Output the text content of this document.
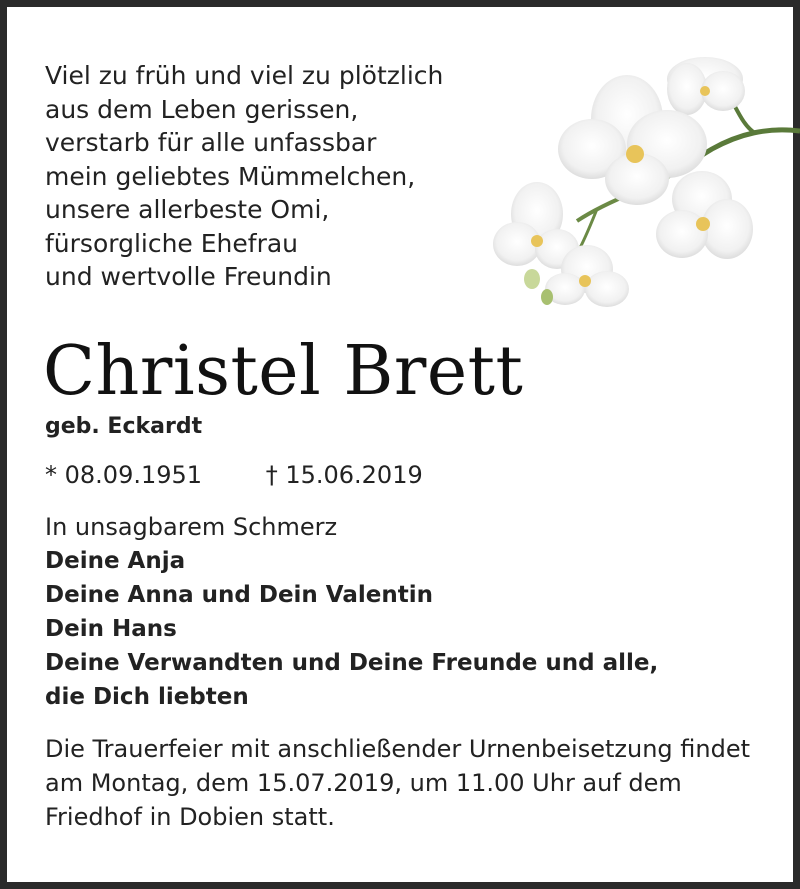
Viel zu früh und viel zu plötzlich
aus dem Leben gerissen,
verstarb für alle unfassbar
mein geliebtes Mümmelchen,
unsere allerbeste Omi,
fürsorgliche Ehefrau
und wertvolle Freundin
Christel Brett
geb. Eckardt
* 08.09.1951	† 15.06.2019
In unsagbarem Schmerz
Deine Anja
Deine Anna und Dein Valentin
Dein Hans
Deine Verwandten und Deine Freunde und alle,
die Dich liebten
Die Trauerfeier mit anschließender Urnenbeisetzung findet
am Montag, dem 15.07.2019, um 11.00 Uhr auf dem
Friedhof in Dobien statt.
